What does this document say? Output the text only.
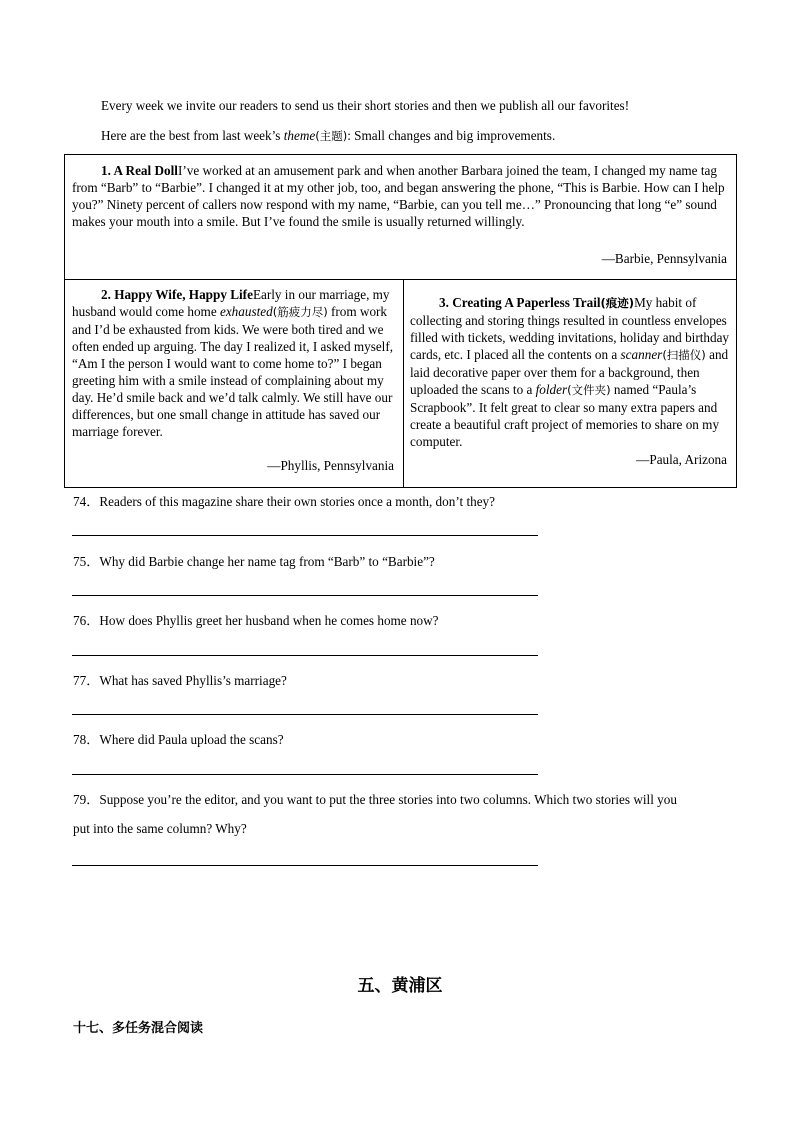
Every week we invite our readers to send us their short stories and then we publish all our favorites!
Here are the best from last week’s theme(主题): Small changes and big improvements.
1. A Real DollI’ve worked at an amusement park and when another Barbara joined the team, I changed my name tag from “Barb” to “Barbie”. I changed it at my other job, too, and began answering the phone, “This is Barbie. How can I help you?” Ninety percent of callers now respond with my name, “Barbie, can you tell me…” Pronouncing that long “e” sound makes your mouth into a smile. But I’ve found the smile is usually returned willingly.
—Barbie, Pennsylvania
2. Happy Wife, Happy LifeEarly in our marriage, my husband would come home exhausted(筋疲力尽) from work and I’d be exhausted from kids. We were both tired and we often ended up arguing. The day I realized it, I asked myself, “Am I the person I would want to come home to?” I began greeting him with a smile instead of complaining about my day. He’d smile back and we’d talk calmly. We still have our differences, but one small change in attitude has saved our marriage forever.
—Phyllis, Pennsylvania
3. Creating A Paperless Trail(痕迹)My habit of collecting and storing things resulted in countless envelopes filled with tickets, wedding invitations, holiday and birthday cards, etc. I placed all the contents on a scanner(扫描仪) and laid decorative paper over them for a background, then uploaded the scans to a folder(文件夹) named “Paula’s Scrapbook”. It felt great to clear so many extra papers and create a beautiful craft project of memories to share on my computer.
—Paula, Arizona
74．Readers of this magazine share their own stories once a month, don’t they?
75．Why did Barbie change her name tag from “Barb” to “Barbie”?
76．How does Phyllis greet her husband when he comes home now?
77．What has saved Phyllis’s marriage?
78．Where did Paula upload the scans?
79．Suppose you’re the editor, and you want to put the three stories into two columns. Which two stories will you
put into the same column? Why?
五、黄浦区
十七、多任务混合阅读
